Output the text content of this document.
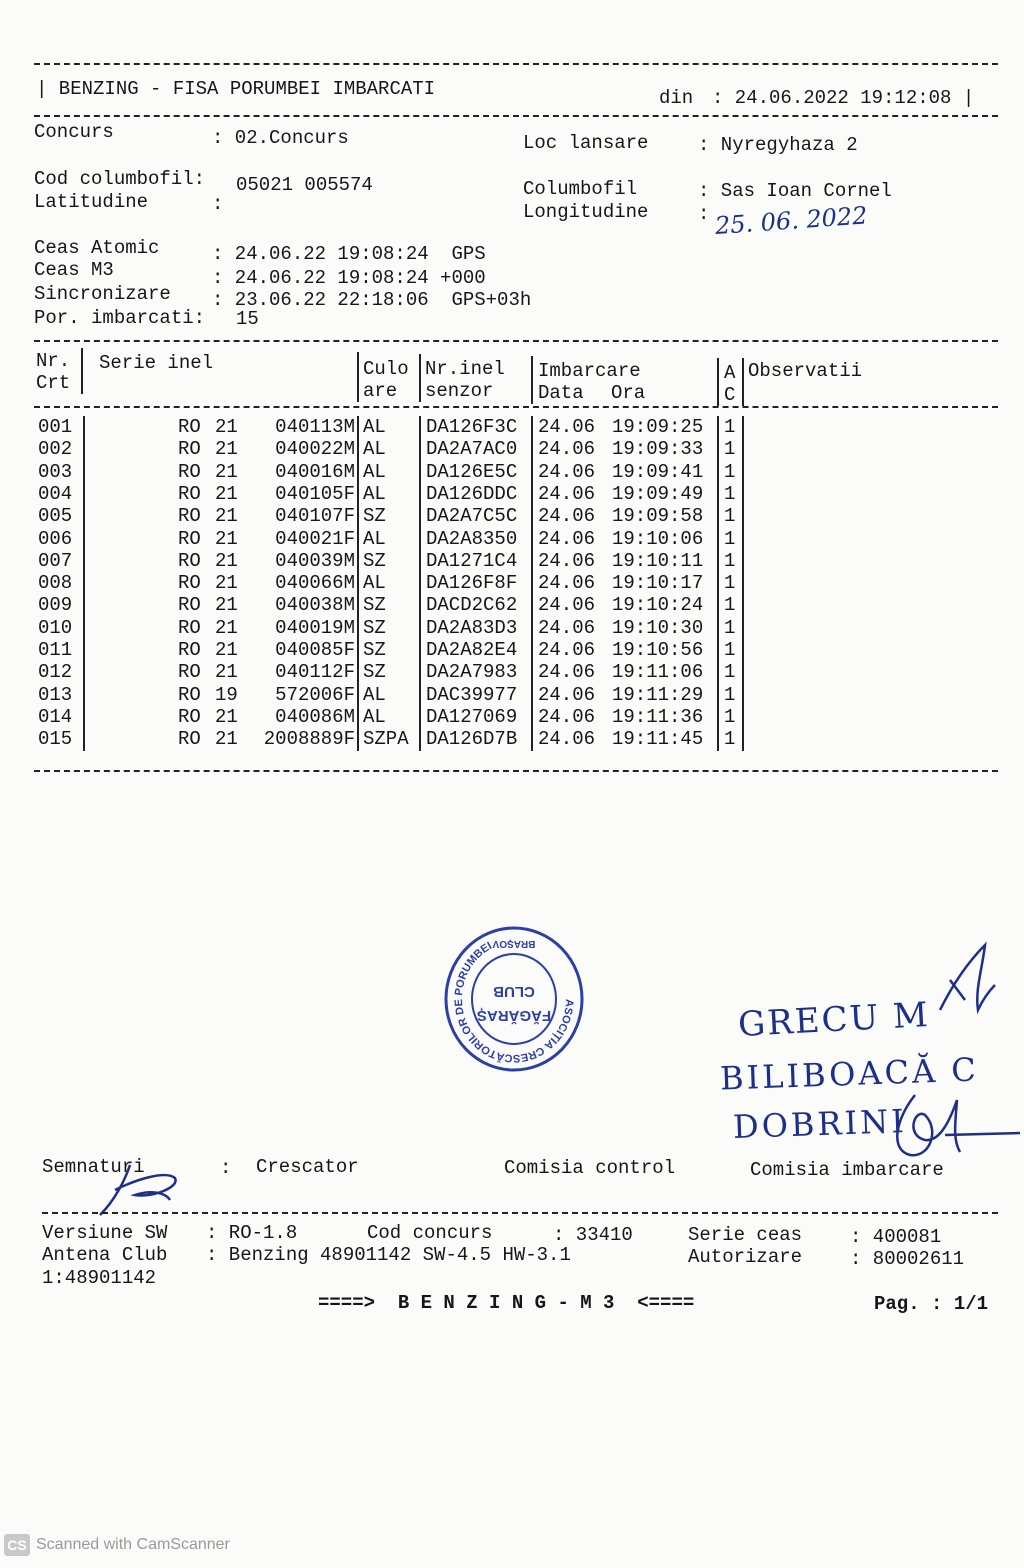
| BENZING - FISA PORUMBEI IMBARCATI	din : 24.06.2022 19:12:08 |
Concurs	: 02.Concurs	Loc lansare	: Nyregyhaza 2
Cod columbofil: 05021 005574
Latitudine	:
Columbofil	: Sas Ioan Cornel
Longitudine	: 25. 06. 2022
Ceas Atomic	: 24.06.22 19:08:24  GPS
Ceas M3	: 24.06.22 19:08:24 +000
Sincronizare : 23.06.22 22:18:06  GPS+03h
Por. imbarcati: 15
Nr.
Crt
Serie inel	Culo
are
Nr.inel
senzor
Imbarcare
Data Ora
A
C
Observatii
001	RO 21 040113M AL DA126F3C 24.06 19:09:25 1
002	RO 21 040022M AL DA2A7AC0 24.06 19:09:33 1
003	RO 21 040016M AL DA126E5C 24.06 19:09:41 1
004	RO 21 040105F AL DA126DDC 24.06 19:09:49 1
005	RO 21 040107F SZ DA2A7C5C 24.06 19:09:58 1
006	RO 21 040021F AL DA2A8350 24.06 19:10:06 1
007	RO 21 040039M SZ DA1271C4 24.06 19:10:11 1
008	RO 21 040066M AL DA126F8F 24.06 19:10:17 1
009	RO 21 040038M SZ DACD2C62 24.06 19:10:24 1
010	RO 21 040019M SZ DA2A83D3 24.06 19:10:30 1
011	RO 21 040085F SZ DA2A82E4 24.06 19:10:56 1
012	RO 21 040112F SZ DA2A7983 24.06 19:11:06 1
013	RO 19 572006F AL DAC39977 24.06 19:11:29 1
014	RO 21 040086M AL DA127069 24.06 19:11:36 1
015	RO 21 2008889F SZPA DA126D7B 24.06 19:11:45 1
ASOCIȚIA CRESCĂTORILOR DE PORUMBEI
BRAȘOV
CLUB
FĂGĂRAȘ	GRECU M
BILIBOACĂ C
DOBRINI
Semnaturi	: Crescator	Comisia control	Comisia imbarcare
Versiune SW : RO-1.8	Cod concurs	: 33410	Serie ceas	: 400081
Antena Club : Benzing 48901142 SW-4.5 HW-3.1	Autorizare	: 80002611
1:48901142
====>  B E N Z I N G - M 3  <====	Pag. : 1/1
CS Scanned with CamScanner
